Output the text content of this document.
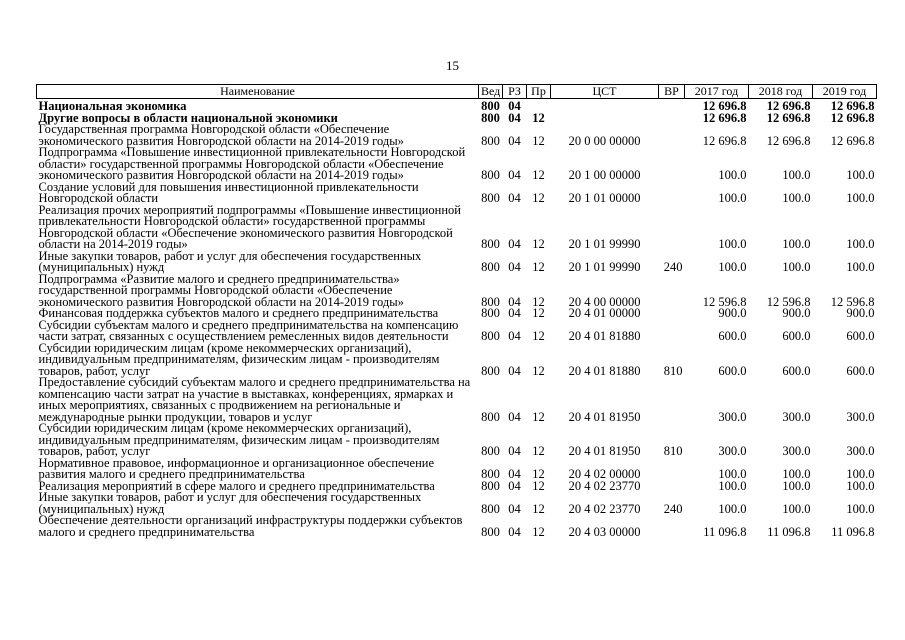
15
Наименование	Вед	РЗ	Пр	ЦСТ	ВР	2017 год	2018 год	2019 год
Национальная экономика	800	04				12 696.8	12 696.8	12 696.8
Другие вопросы в области национальной экономики	800	04	12			12 696.8	12 696.8	12 696.8
Государственная программа Новгородской области «Обеспечение экономического развития Новгородской области на 2014-2019 годы»	800	04	12	20 0 00 00000		12 696.8	12 696.8	12 696.8
Подпрограмма «Повышение инвестиционной привлекательности Новгородской области» государственной программы Новгородской области «Обеспечение экономического развития Новгородской области на 2014-2019 годы»	800	04	12	20 1 00 00000		100.0	100.0	100.0
Создание условий для повышения инвестиционной привлекательности Новгородской области	800	04	12	20 1 01 00000		100.0	100.0	100.0
Реализация прочих мероприятий подпрограммы «Повышение инвестиционной привлекательности Новгородской области» государственной программы Новгородской области «Обеспечение экономического развития Новгородской области на 2014-2019 годы»	800	04	12	20 1 01 99990		100.0	100.0	100.0
Иные закупки товаров, работ и услуг для обеспечения государственных (муниципальных) нужд	800	04	12	20 1 01 99990	240	100.0	100.0	100.0
Подпрограмма «Развитие малого и среднего предпринимательства» государственной программы Новгородской области «Обеспечение экономического развития Новгородской области на 2014-2019 годы»	800	04	12	20 4 00 00000		12 596.8	12 596.8	12 596.8
Финансовая поддержка субъектов малого и среднего предпринимательства	800	04	12	20 4 01 00000		900.0	900.0	900.0
Субсидии субъектам малого и среднего предпринимательства на компенсацию части затрат, связанных с осуществлением ремесленных видов деятельности	800	04	12	20 4 01 81880		600.0	600.0	600.0
Субсидии юридическим лицам (кроме некоммерческих организаций), индивидуальным предпринимателям, физическим лицам - производителям товаров, работ, услуг	800	04	12	20 4 01 81880	810	600.0	600.0	600.0
Предоставление субсидий субъектам малого и среднего предпринимательства на компенсацию части затрат на участие в выставках, конференциях, ярмарках и иных мероприятиях, связанных с продвижением на региональные и международные рынки продукции, товаров и услуг	800	04	12	20 4 01 81950		300.0	300.0	300.0
Субсидии юридическим лицам (кроме некоммерческих организаций), индивидуальным предпринимателям, физическим лицам - производителям товаров, работ, услуг	800	04	12	20 4 01 81950	810	300.0	300.0	300.0
Нормативное правовое, информационное и организационное обеспечение развития малого и среднего предпринимательства	800	04	12	20 4 02 00000		100.0	100.0	100.0
Реализация мероприятий в сфере малого и среднего предпринимательства	800	04	12	20 4 02 23770		100.0	100.0	100.0
Иные закупки товаров, работ и услуг для обеспечения государственных (муниципальных) нужд	800	04	12	20 4 02 23770	240	100.0	100.0	100.0
Обеспечение деятельности организаций инфраструктуры поддержки субъектов малого и среднего предпринимательства	800	04	12	20 4 03 00000		11 096.8	11 096.8	11 096.8
